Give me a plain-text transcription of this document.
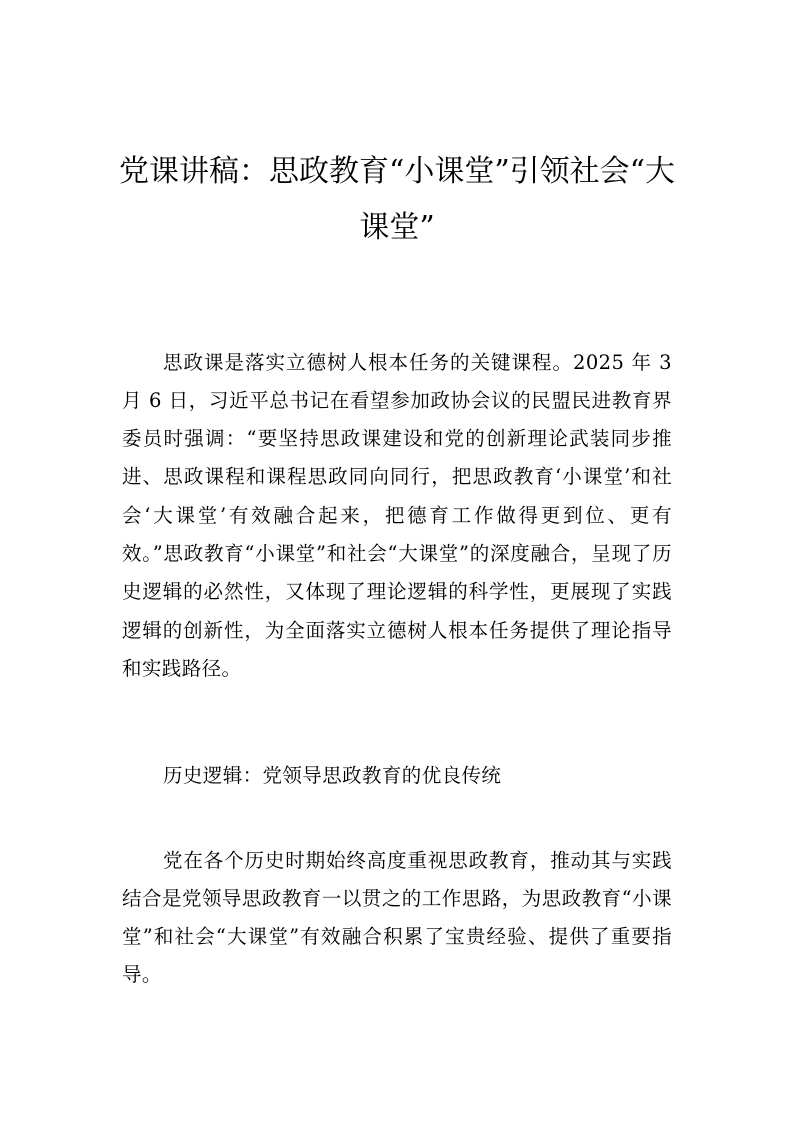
党课讲稿：思政教育“小课堂”引领社会“大
课堂”

思政课是落实立德树人根本任务的关键课程。2025 年 3 月 6 日，习近平总书记在看望参加政协会议的民盟民进教育界委员时强调：“要坚持思政课建设和党的创新理论武装同步推进、思政课程和课程思政同向同行，把思政教育‘小课堂’和社会‘大课堂’有效融合起来，把德育工作做得更到位、更有效。”思政教育“小课堂”和社会“大课堂”的深度融合，呈现了历史逻辑的必然性，又体现了理论逻辑的科学性，更展现了实践逻辑的创新性，为全面落实立德树人根本任务提供了理论指导和实践路径。

历史逻辑：党领导思政教育的优良传统

党在各个历史时期始终高度重视思政教育，推动其与实践结合是党领导思政教育一以贯之的工作思路，为思政教育“小课堂”和社会“大课堂”有效融合积累了宝贵经验、提供了重要指导。
